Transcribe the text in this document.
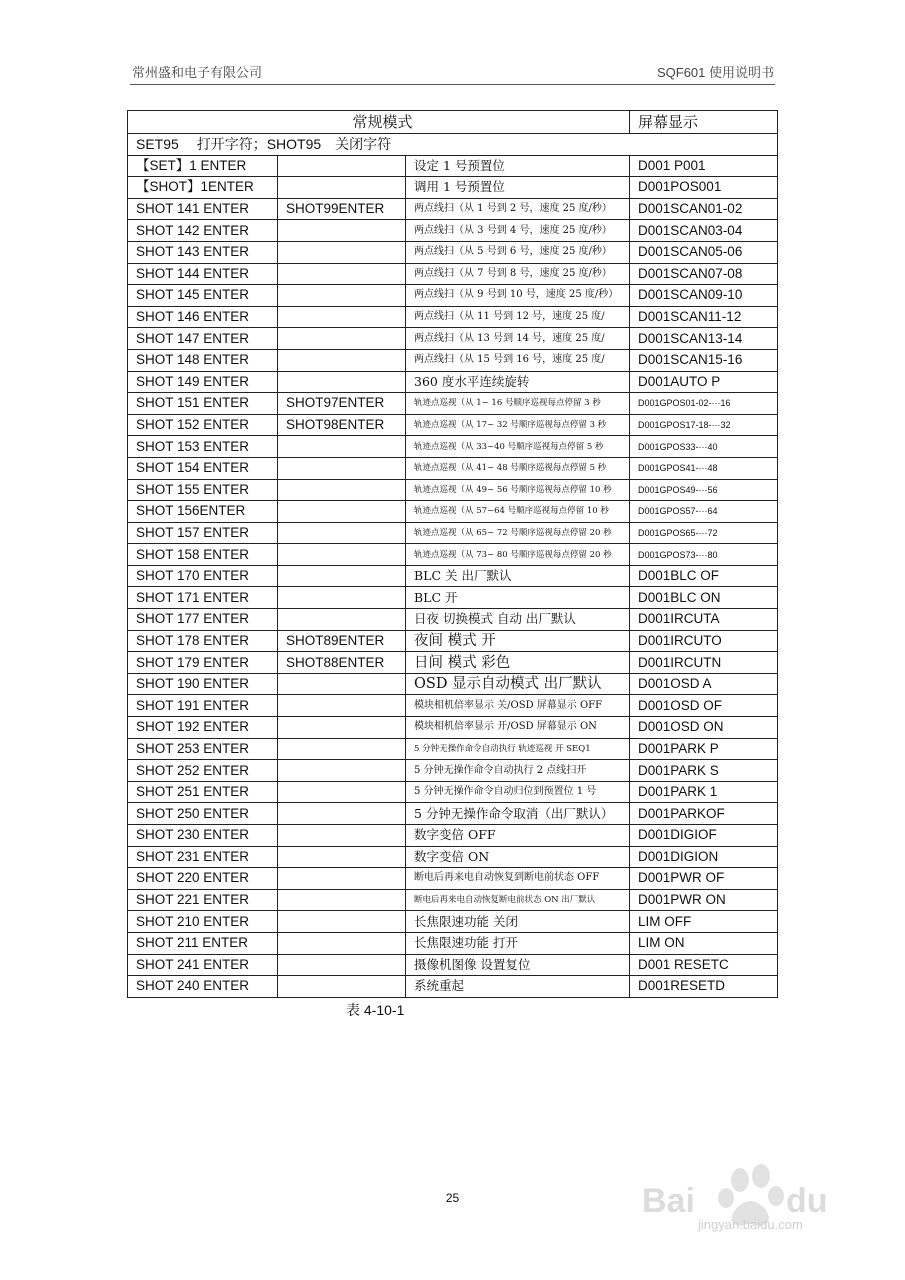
常州盛和电子有限公司	SQF601 使用说明书
常规模式			屏幕显示
SET95　 打开字符；SHOT95　关闭字符			
【SET】1 ENTER		设定 1 号预置位	D001 P001
【SHOT】1ENTER		调用 1 号预置位	D001POS001
SHOT 141 ENTER	SHOT99ENTER	两点线扫（从 1 号到 2 号，速度 25 度/秒）	D001SCAN01-02
SHOT 142 ENTER		两点线扫（从 3 号到 4 号，速度 25 度/秒）	D001SCAN03-04
SHOT 143 ENTER		两点线扫（从 5 号到 6 号，速度 25 度/秒）	D001SCAN05-06
SHOT 144 ENTER		两点线扫（从 7 号到 8 号，速度 25 度/秒）	D001SCAN07-08
SHOT 145 ENTER		两点线扫（从 9 号到 10 号，速度 25 度/秒）	D001SCAN09-10
SHOT 146 ENTER		两点线扫（从 11 号到 12 号，速度 25 度/	D001SCAN11-12
SHOT 147 ENTER		两点线扫（从 13 号到 14 号，速度 25 度/	D001SCAN13-14
SHOT 148 ENTER		两点线扫（从 15 号到 16 号，速度 25 度/	D001SCAN15-16
SHOT 149 ENTER		360 度水平连续旋转	D001AUTO P
SHOT 151 ENTER	SHOT97ENTER	轨迹点巡视（从 1~ 16 号顺序巡视每点停留 3 秒	D001GPOS01-02-···16
SHOT 152 ENTER	SHOT98ENTER	轨迹点巡视（从 17~ 32 号顺序巡视每点停留 3 秒	D001GPOS17-18-···32
SHOT 153 ENTER		轨迹点巡视（从 33~40 号顺序巡视每点停留 5 秒	D001GPOS33-···40
SHOT 154 ENTER		轨迹点巡视（从 41~ 48 号顺序巡视每点停留 5 秒	D001GPOS41-···48
SHOT 155 ENTER		轨迹点巡视（从 49~ 56 号顺序巡视每点停留 10 秒	D001GPOS49-···56
SHOT 156ENTER		轨迹点巡视（从 57~64 号顺序巡视每点停留 10 秒	D001GPOS57-···64
SHOT 157 ENTER		轨迹点巡视（从 65~ 72 号顺序巡视每点停留 20 秒	D001GPOS65-···72
SHOT 158 ENTER		轨迹点巡视（从 73~ 80 号顺序巡视每点停留 20 秒	D001GPOS73-···80
SHOT 170 ENTER		BLC 关 出厂默认	D001BLC OF
SHOT 171 ENTER		BLC 开	D001BLC ON
SHOT 177 ENTER		日夜 切换模式 自动 出厂默认	D001IRCUTA
SHOT 178 ENTER	SHOT89ENTER	夜间 模式 开	D001IRCUTO
SHOT 179 ENTER	SHOT88ENTER	日间 模式 彩色	D001IRCUTN
SHOT 190 ENTER		OSD 显示自动模式 出厂默认	D001OSD A
SHOT 191 ENTER		模块相机倍率显示 关/OSD 屏幕显示 OFF	D001OSD OF
SHOT 192 ENTER		模块相机倍率显示 开/OSD 屏幕显示 ON	D001OSD ON
SHOT 253 ENTER		5 分钟无操作命令自动执行 轨迹巡视 开 SEQ1	D001PARK P
SHOT 252 ENTER		5 分钟无操作命令自动执行 2 点线扫开	D001PARK S
SHOT 251 ENTER		5 分钟无操作命令自动归位到预置位 1 号	D001PARK 1
SHOT 250 ENTER		5 分钟无操作命令取消（出厂默认）	D001PARKOF
SHOT 230 ENTER		数字变倍 OFF	D001DIGIOF
SHOT 231 ENTER		数字变倍 ON	D001DIGION
SHOT 220 ENTER		断电后再来电自动恢复到断电前状态 OFF	D001PWR OF
SHOT 221 ENTER		断电后再来电自动恢复断电前状态 ON 出厂默认	D001PWR ON
SHOT 210 ENTER		长焦限速功能 关闭	LIM OFF
SHOT 211 ENTER		长焦限速功能 打开	LIM ON
SHOT 241 ENTER		摄像机图像 设置复位	D001 RESETC
SHOT 240 ENTER		系统重起	D001RESETD
表 4-10-1
25	Bai	du
jingyan.baidu.com
